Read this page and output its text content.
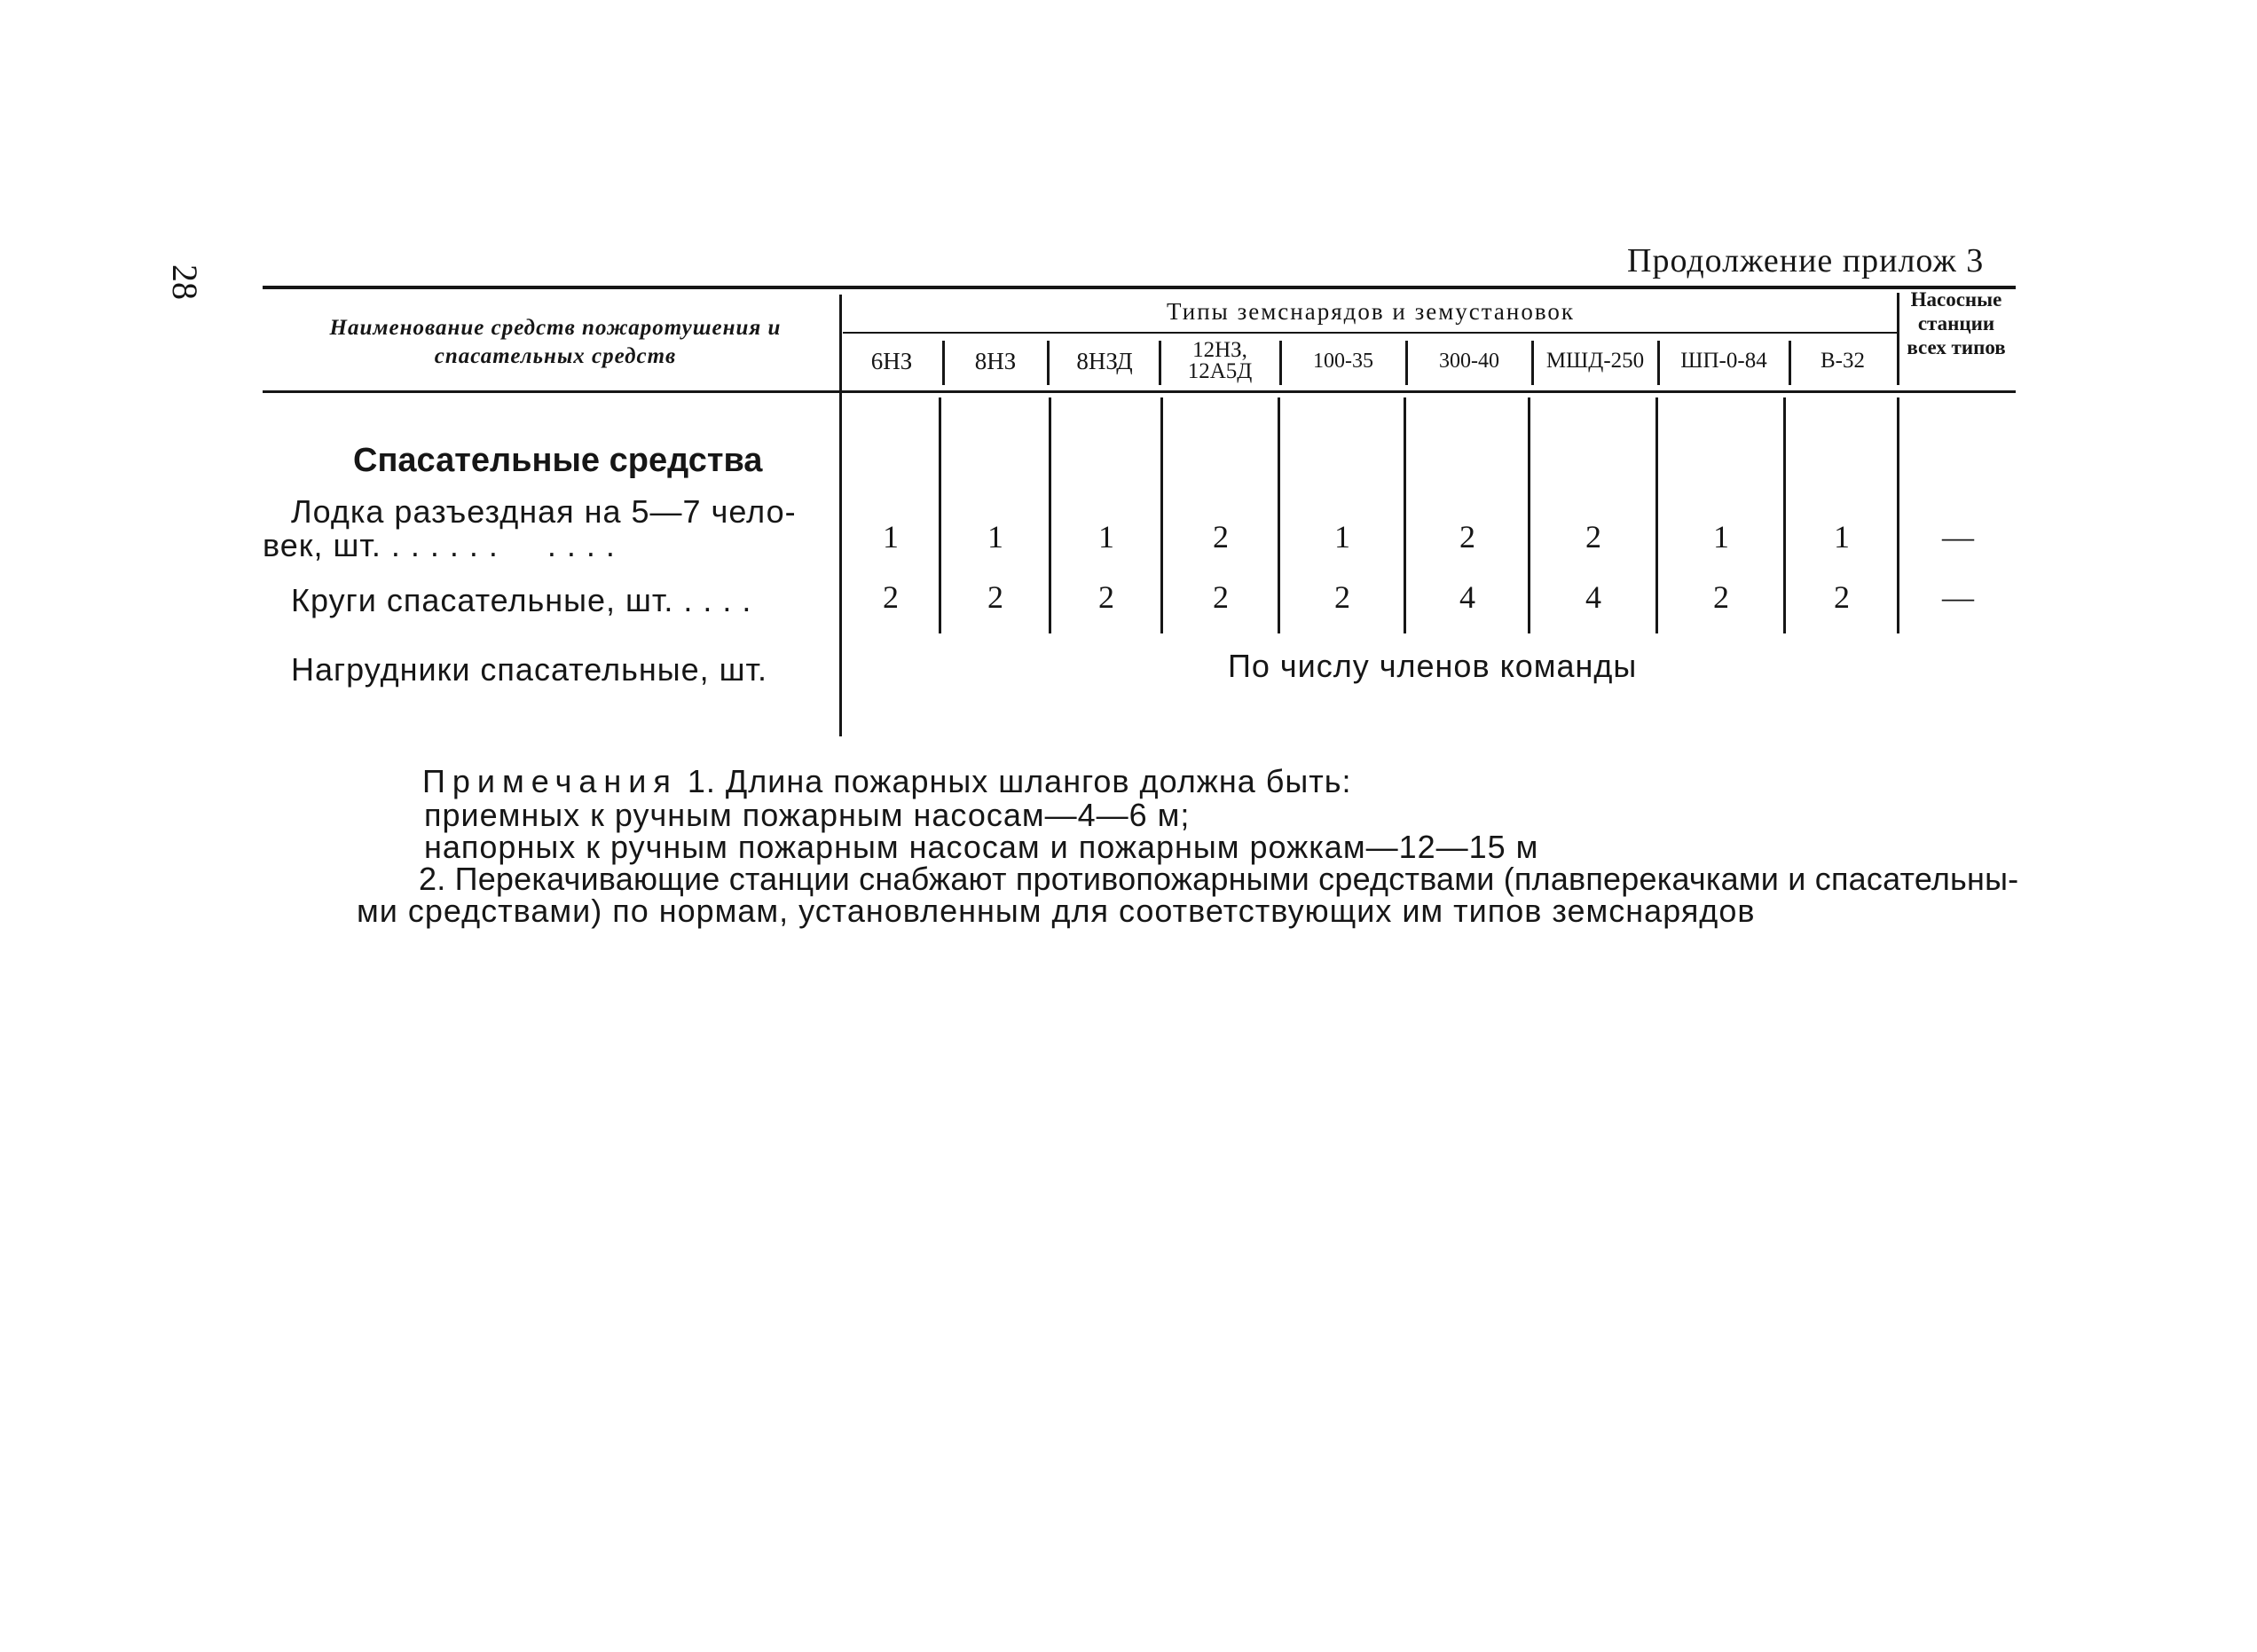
28
Продолжение прилож 3
Наименование средств пожаротушения и спасательных средств
Типы земснарядов и земустановок	Насосные станции всех типов
6НЗ	8НЗ	8НЗД	12НЗ, 12А5Д	100-35	300-40	МШД-250	ШП-0-84	В-32
Спасательные средства
Лодка разъездная на 5—7 чело-
век, шт. . . . . . .     . . . .	1	1	1	2	1	2	2	1	1	—
Круги спасательные, шт. . . . .	2	2	2	2	2	4	4	2	2	—
Нагрудники спасательные, шт.	По числу членов команды
Примечания 1. Длина пожарных шлангов должна быть:
приемных к ручным пожарным насосам—4—6 м;
напорных к ручным пожарным насосам и пожарным рожкам—12—15 м
2. Перекачивающие станции снабжают противопожарными средствами (плавперекачками и спасательны-
ми средствами) по нормам, установленным для соответствующих им типов земснарядов
